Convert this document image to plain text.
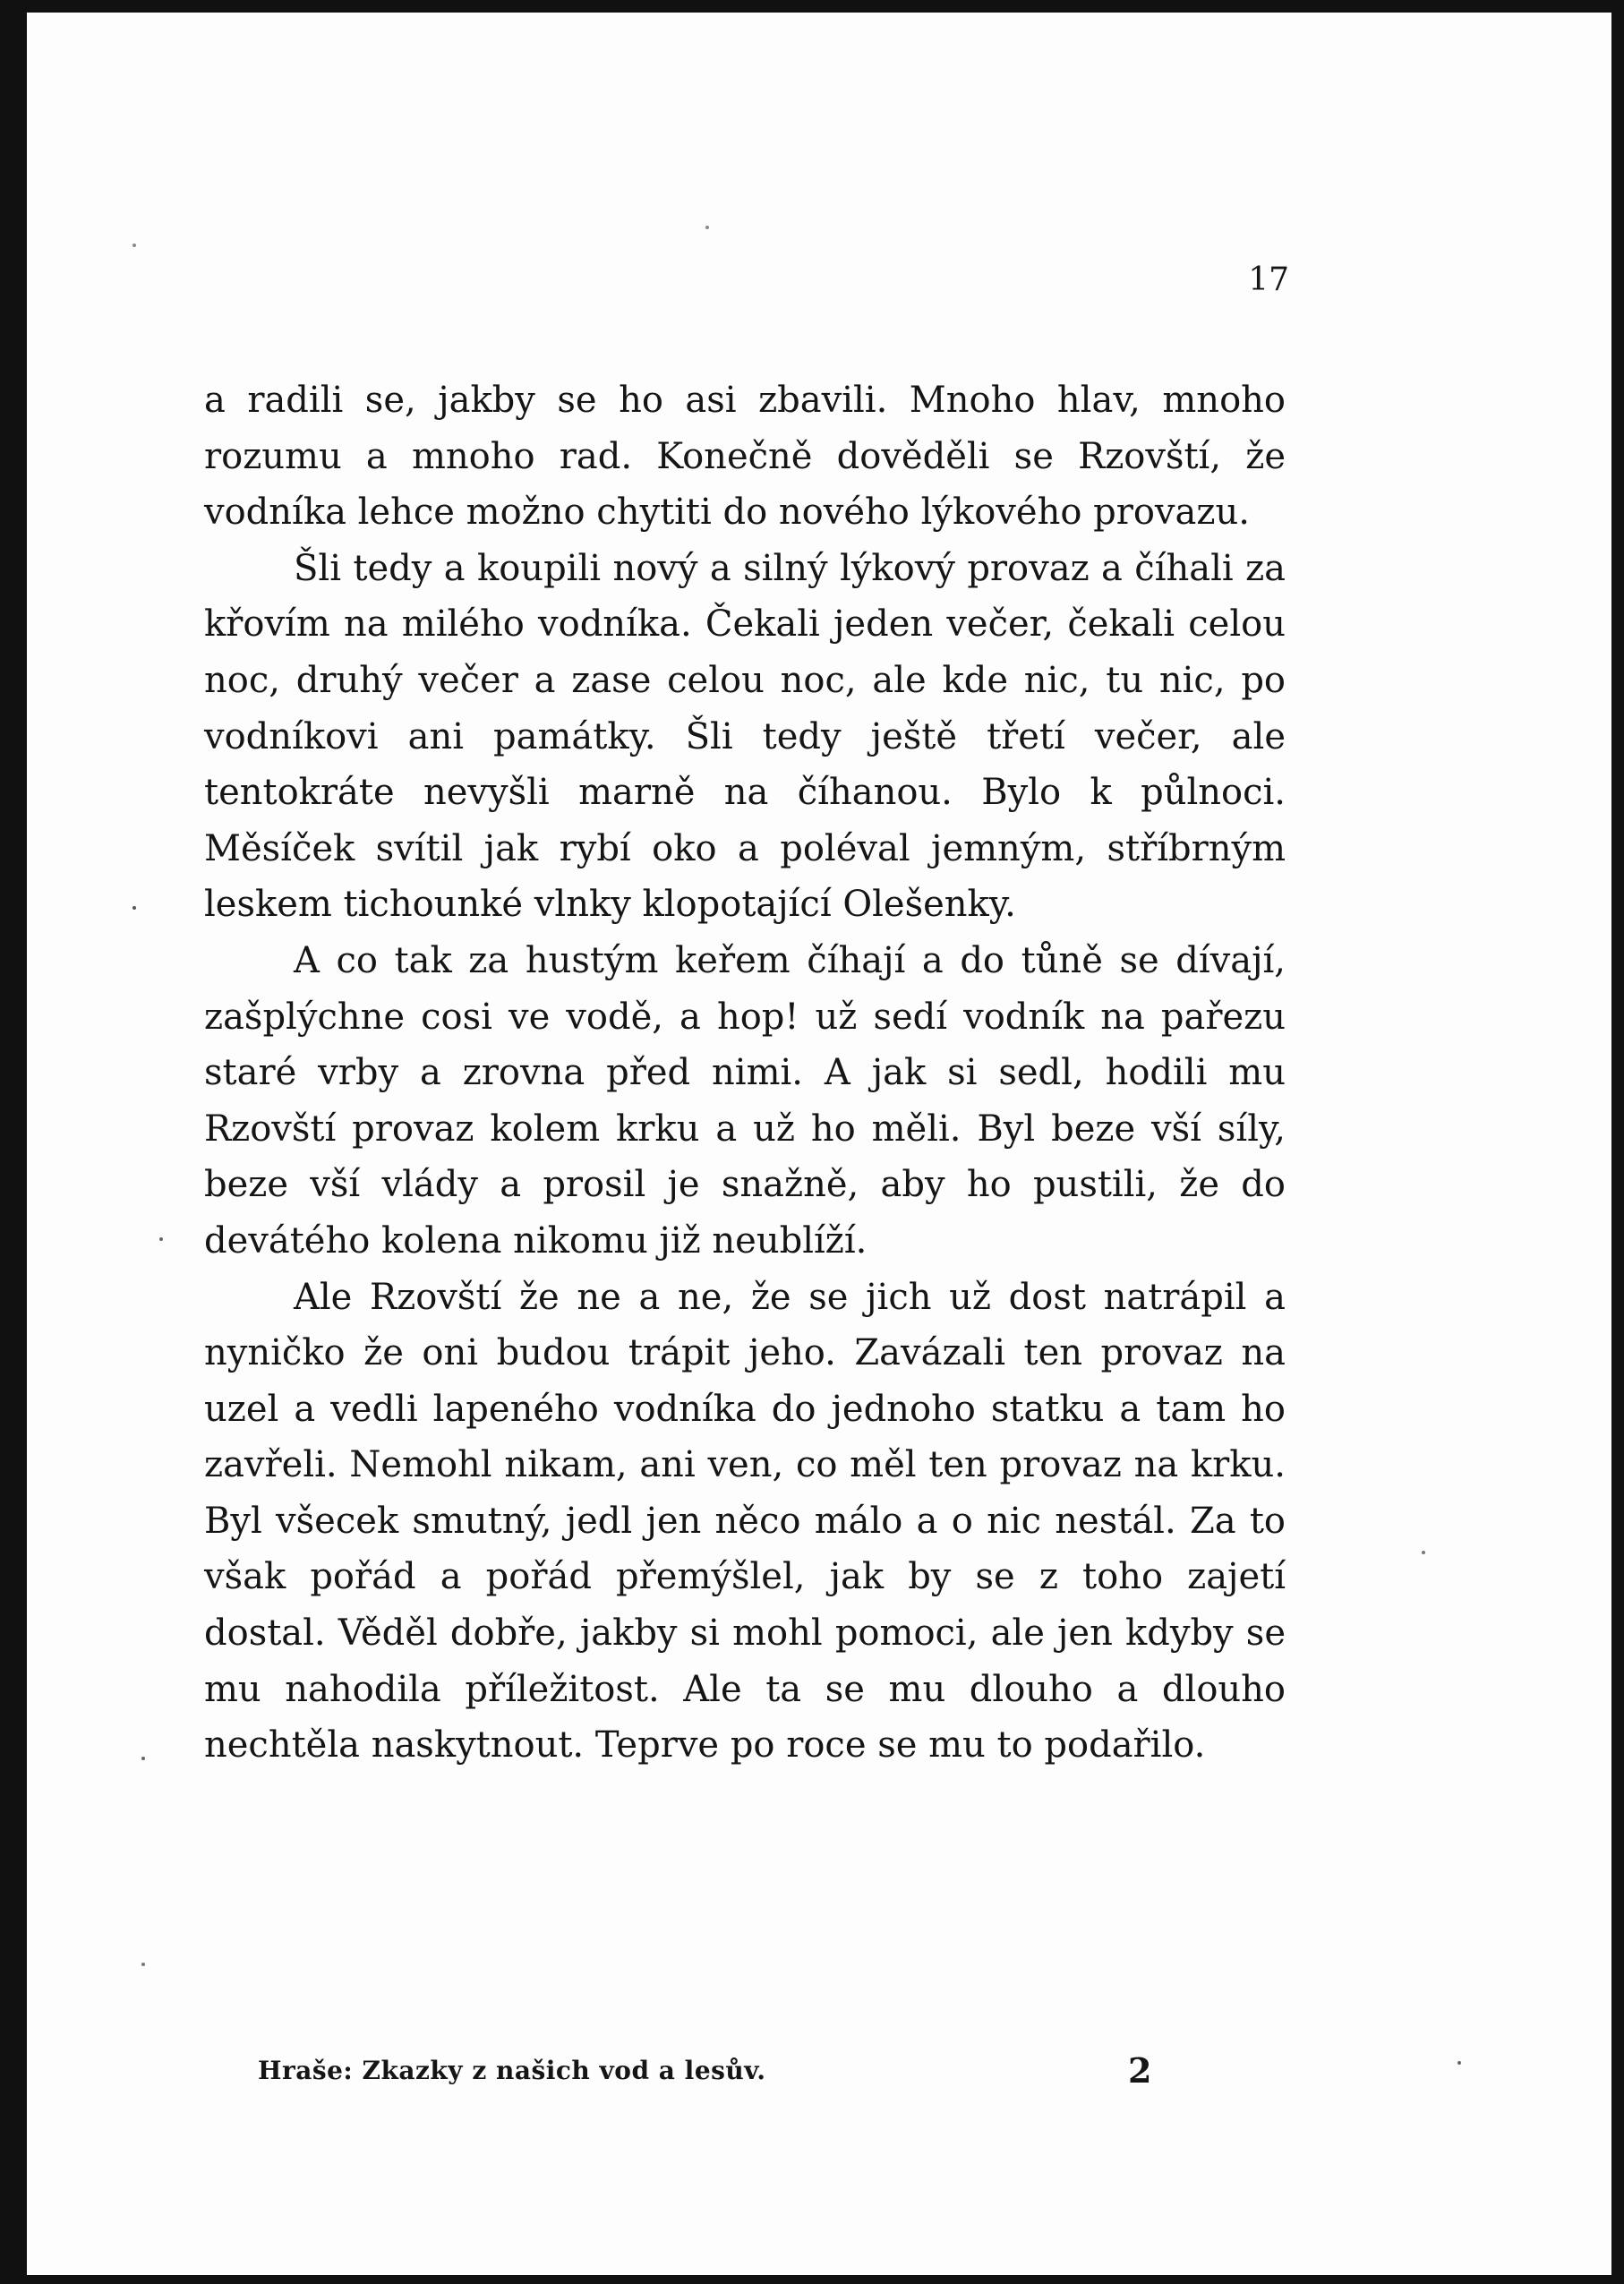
17

a radili se, jakby se ho asi zbavili. Mnoho hlav, mnoho rozumu a mnoho rad. Konečně dověděli se Rzovští, že vodníka lehce možno chytiti do nového lýkového provazu.

Šli tedy a koupili nový a silný lýkový provaz a číhali za křovím na milého vodníka. Čekali jeden večer, čekali celou noc, druhý večer a zase celou noc, ale kde nic, tu nic, po vodníkovi ani památky. Šli tedy ještě třetí večer, ale tentokráte nevyšli marně na číhanou. Bylo k půlnoci. Měsíček svítil jak rybí oko a poléval jemným, stříbrným leskem tichounké vlnky klopotající Olešenky.

A co tak za hustým keřem číhají a do tůně se dívají, zašplýchne cosi ve vodě, a hop! už sedí vodník na pařezu staré vrby a zrovna před nimi. A jak si sedl, hodili mu Rzovští provaz kolem krku a už ho měli. Byl beze vší síly, beze vší vlády a prosil je snažně, aby ho pustili, že do devátého kolena nikomu již neublíží.

Ale Rzovští že ne a ne, že se jich už dost natrápil a nyničko že oni budou trápit jeho. Zavázali ten provaz na uzel a vedli lapeného vodníka do jednoho statku a tam ho zavřeli. Nemohl nikam, ani ven, co měl ten provaz na krku. Byl všecek smutný, jedl jen něco málo a o nic nestál. Za to však pořád a pořád přemýšlel, jak by se z toho zajetí dostal. Věděl dobře, jakby si mohl pomoci, ale jen kdyby se mu nahodila příležitost. Ale ta se mu dlouho a dlouho nechtěla naskytnout. Teprve po roce se mu to podařilo.

Hraše: Zkazky z našich vod a lesův.	2
